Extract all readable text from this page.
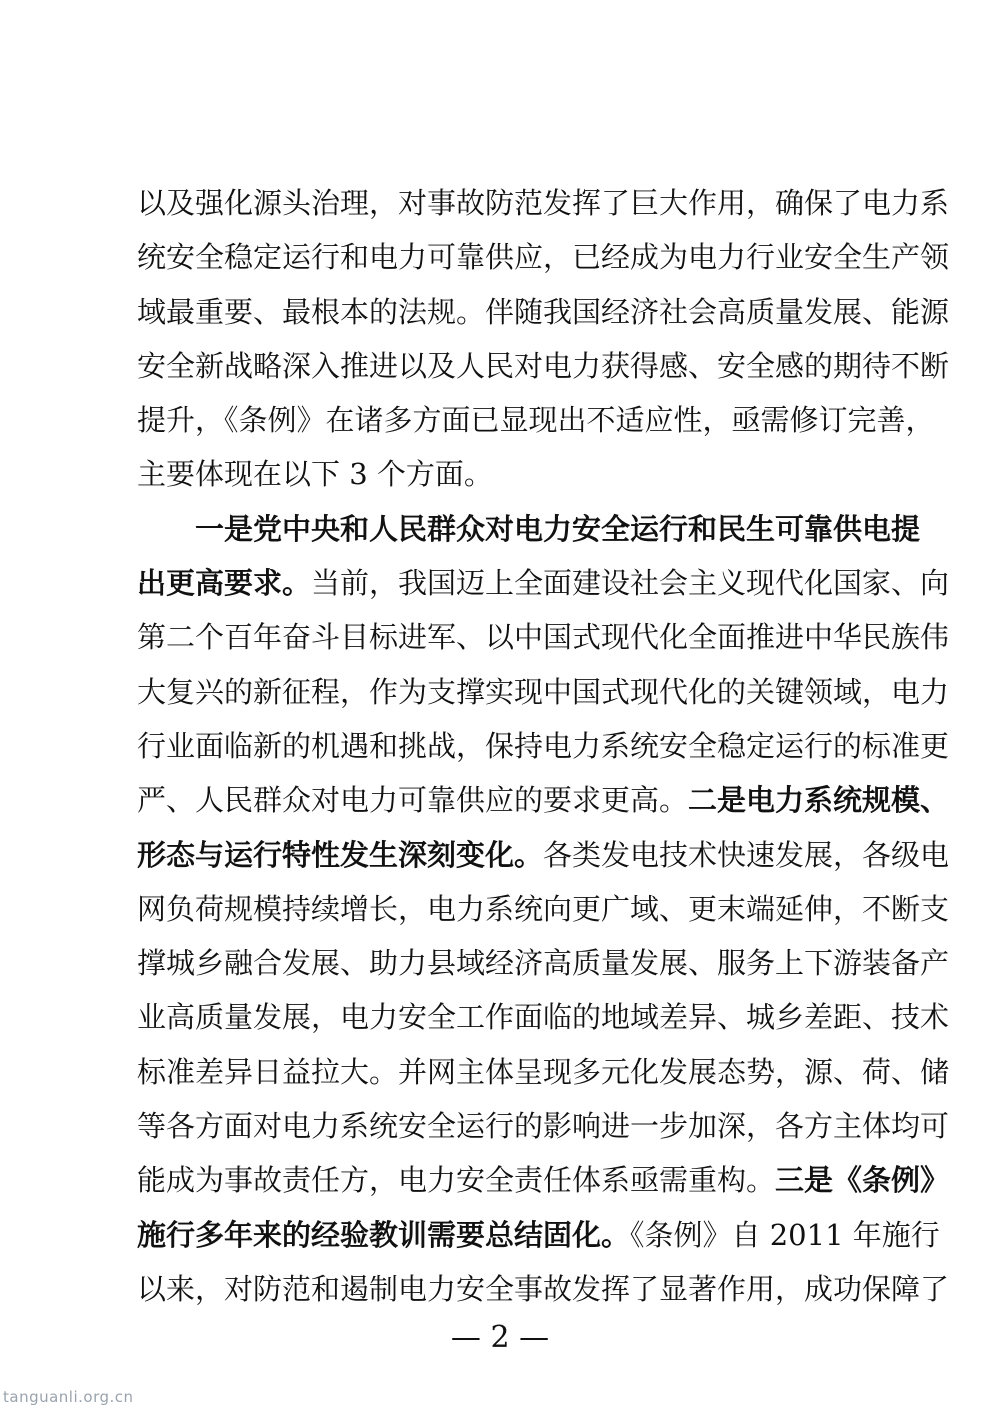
以及强化源头治理，对事故防范发挥了巨大作用，确保了电力系
统安全稳定运行和电力可靠供应，已经成为电力行业安全生产领
域最重要、最根本的法规。伴随我国经济社会高质量发展、能源
安全新战略深入推进以及人民对电力获得感、安全感的期待不断
提升，《条例》在诸多方面已显现出不适应性，亟需修订完善，
主要体现在以下 3 个方面。
一是党中央和人民群众对电力安全运行和民生可靠供电提
出更高要求。当前，我国迈上全面建设社会主义现代化国家、向
第二个百年奋斗目标进军、以中国式现代化全面推进中华民族伟
大复兴的新征程，作为支撑实现中国式现代化的关键领域，电力
行业面临新的机遇和挑战，保持电力系统安全稳定运行的标准更
严、人民群众对电力可靠供应的要求更高。二是电力系统规模、
形态与运行特性发生深刻变化。各类发电技术快速发展，各级电
网负荷规模持续增长，电力系统向更广域、更末端延伸，不断支
撑城乡融合发展、助力县域经济高质量发展、服务上下游装备产
业高质量发展，电力安全工作面临的地域差异、城乡差距、技术
标准差异日益拉大。并网主体呈现多元化发展态势，源、荷、储
等各方面对电力系统安全运行的影响进一步加深，各方主体均可
能成为事故责任方，电力安全责任体系亟需重构。三是《条例》
施行多年来的经验教训需要总结固化。《条例》自 2011 年施行
以来，对防范和遏制电力安全事故发挥了显著作用，成功保障了
— 2 —
tanguanli.org.cn
